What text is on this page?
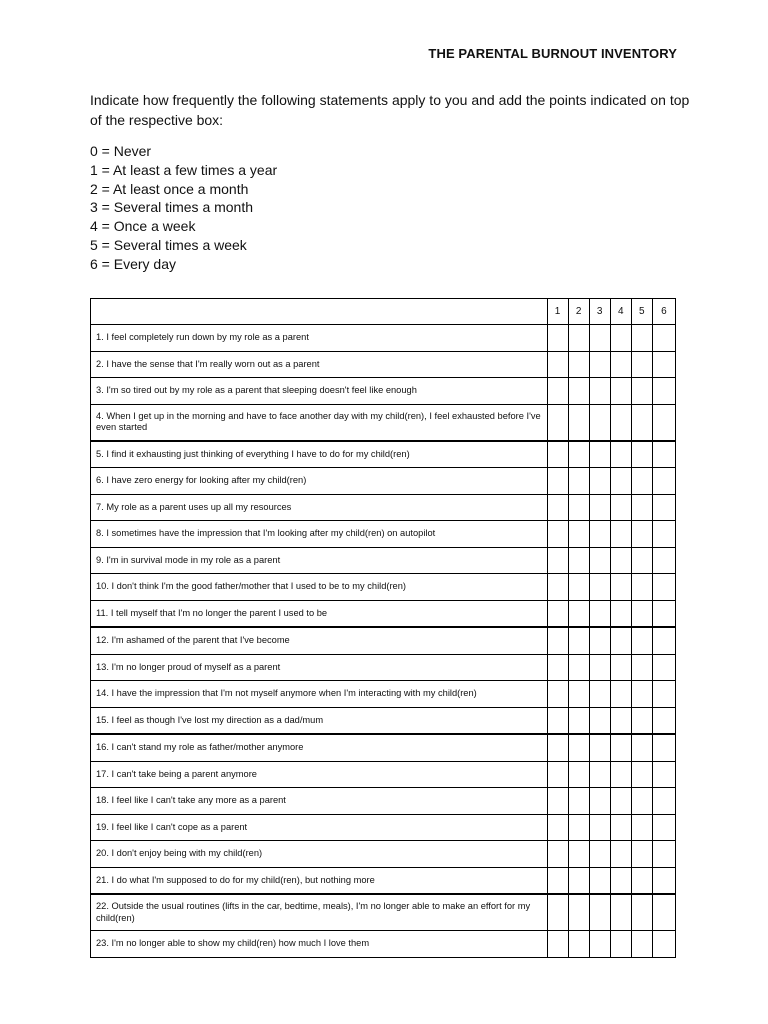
THE PARENTAL BURNOUT INVENTORY
Indicate how frequently the following statements apply to you and add the points indicated on top of the respective box:
0 = Never
1 = At least a few times a year
2 = At least once a month
3 = Several times a month
4 = Once a week
5 = Several times a week
6 = Every day
	1	2	3	4	5	6
1. I feel completely run down by my role as a parent						
2. I have the sense that I'm really worn out as a parent						
3. I'm so tired out by my role as a parent that sleeping doesn't feel like enough						
4. When I get up in the morning and have to face another day with my child(ren), I feel exhausted before I've even started						
5. I find it exhausting just thinking of everything I have to do for my child(ren)						
6. I have zero energy for looking after my child(ren)						
7. My role as a parent uses up all my resources						
8. I sometimes have the impression that I'm looking after my child(ren) on autopilot						
9. I'm in survival mode in my role as a parent						
10. I don't think I'm the good father/mother that I used to be to my child(ren)						
11. I tell myself that I'm no longer the parent I used to be						
12. I'm ashamed of the parent that I've become						
13. I'm no longer proud of myself as a parent						
14. I have the impression that I'm not myself anymore when I'm interacting with my child(ren)						
15. I feel as though I've lost my direction as a dad/mum						
16. I can't stand my role as father/mother anymore						
17. I can't take being a parent anymore						
18. I feel like I can't take any more as a parent						
19. I feel like I can't cope as a parent						
20. I don't enjoy being with my child(ren)						
21. I do what I'm supposed to do for my child(ren), but nothing more						
22. Outside the usual routines (lifts in the car, bedtime, meals), I'm no longer able to make an effort for my child(ren)						
23. I'm no longer able to show my child(ren) how much I love them						
